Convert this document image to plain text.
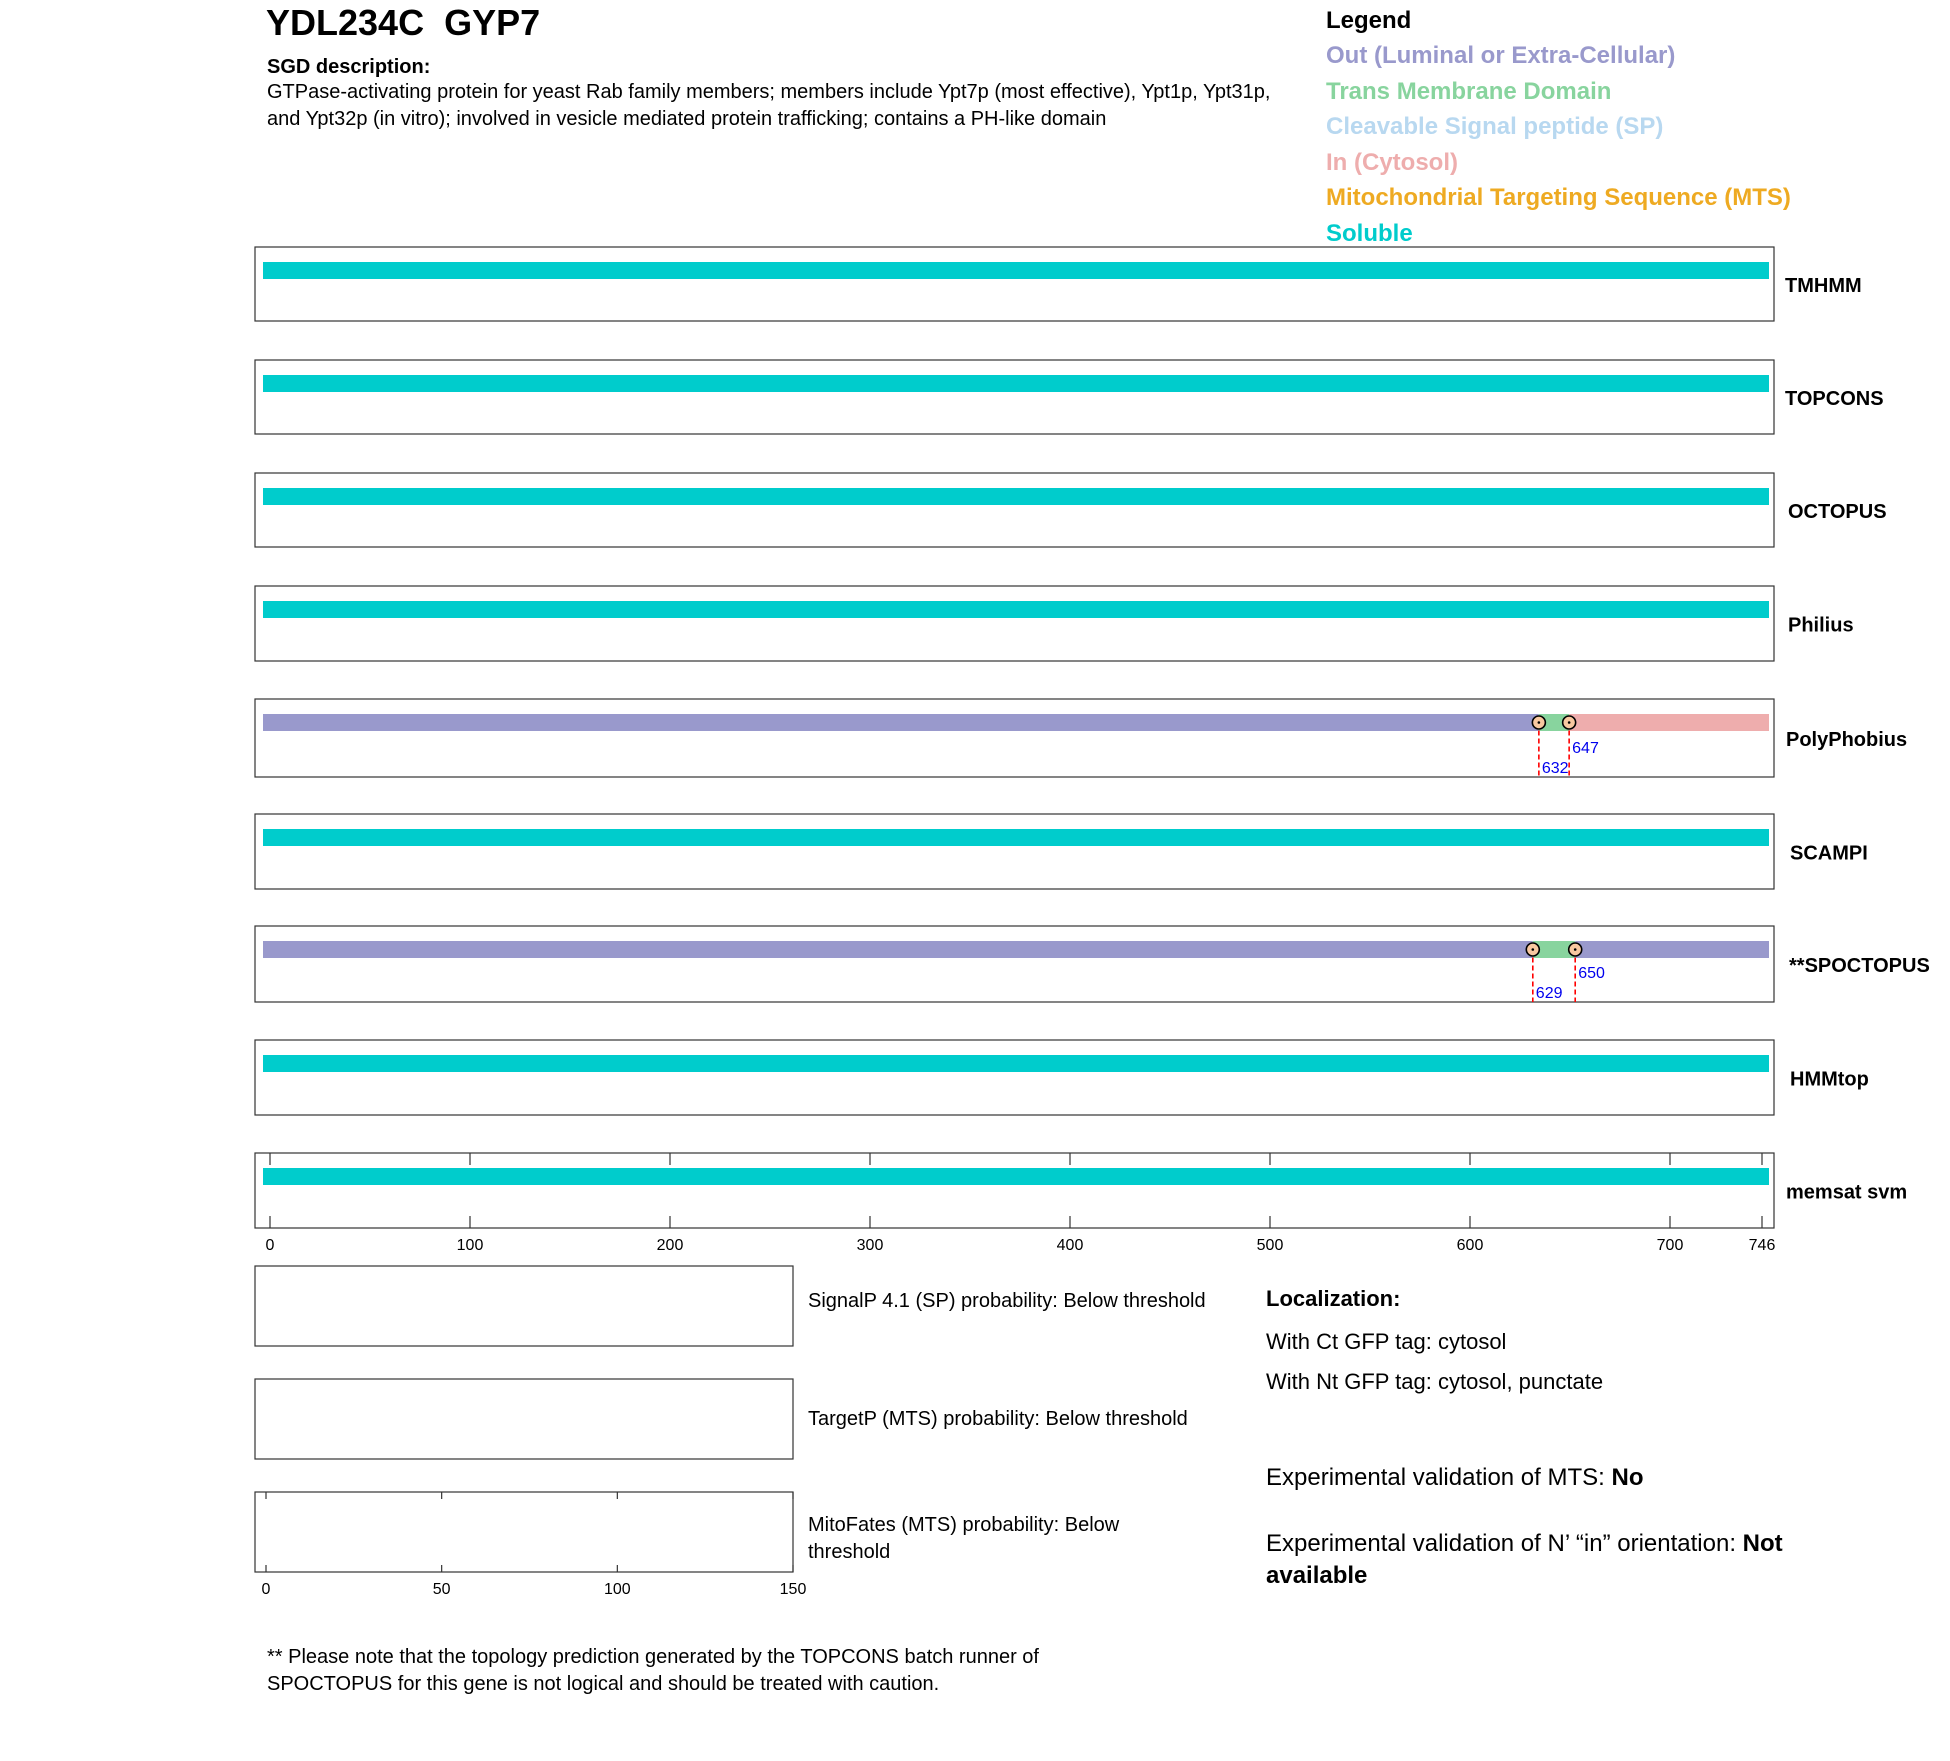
YDL234C  GYP7
SGD description:
GTPase-activating protein for yeast Rab family members; members include Ypt7p (most effective), Ypt1p, Ypt31p, and Ypt32p (in vitro); involved in vesicle mediated protein trafficking; contains a PH-like domain
Legend
Out (Luminal or Extra-Cellular)
Trans Membrane Domain
Cleavable Signal peptide (SP)
In (Cytosol)
Mitochondrial Targeting Sequence (MTS)
Soluble
TMHMM
TOPCONS
OCTOPUS
Philius
PolyPhobius
632
647
SCAMPI
**SPOCTOPUS
629
650
HMMtop
memsat svm
0	100	200	300	400	500	600	700	746
0	50	100	150
SignalP 4.1 (SP) probability: Below threshold
TargetP (MTS) probability: Below threshold
MitoFates (MTS) probability: Below threshold
Localization:
With Ct GFP tag: cytosol
With Nt GFP tag: cytosol, punctate
Experimental validation of MTS: No
Experimental validation of N’ “in” orientation: Not available
** Please note that the topology prediction generated by the TOPCONS batch runner of SPOCTOPUS for this gene is not logical and should be treated with caution.
